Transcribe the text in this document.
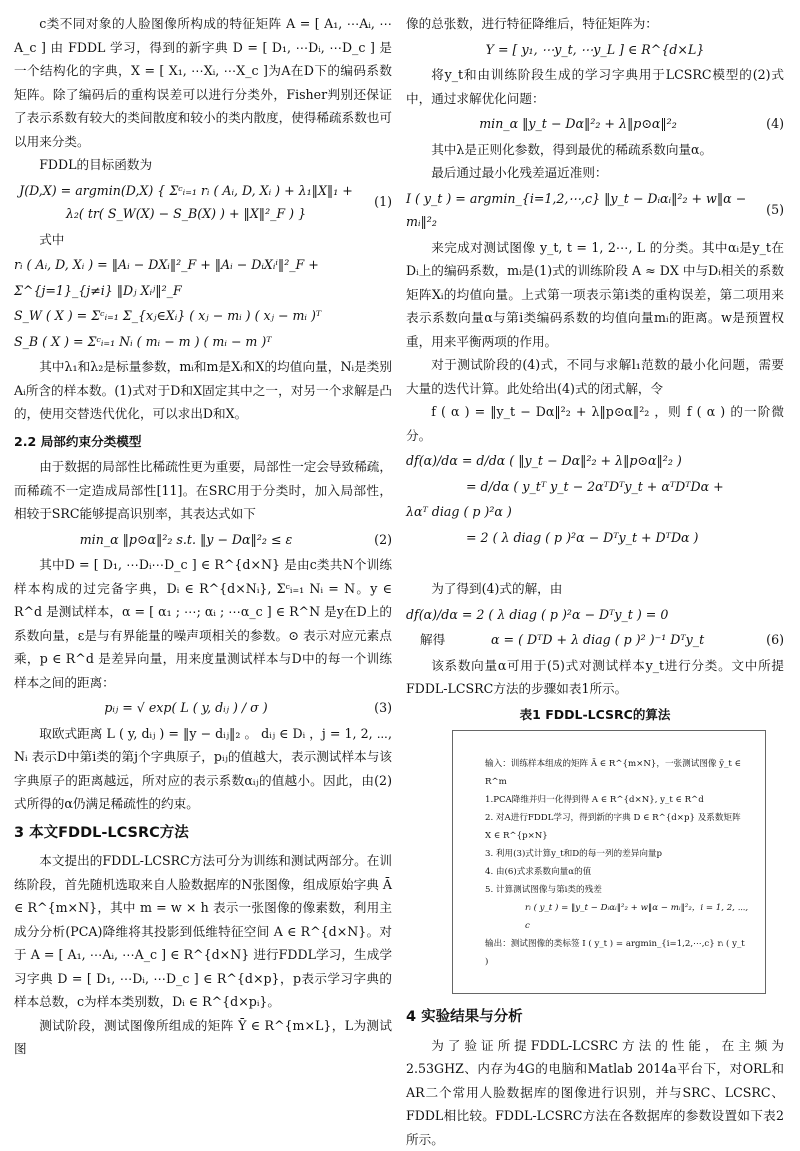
c类不同对象的人脸图像所构成的特征矩阵 A = [ A₁, ⋯Aᵢ, ⋯A_c ] 由 FDDL 学习，得到的新字典 D = [ D₁, ⋯Dᵢ, ⋯D_c ] 是一个结构化的字典，X = [ X₁, ⋯Xᵢ, ⋯X_c ]为A在D下的编码系数矩阵。除了编码后的重构误差可以进行分类外，Fisher判别还保证了表示系数有较大的类间散度和较小的类内散度，使得稀疏系数也可以用来分类。

FDDL的目标函数为

J(D,X) = argmin(D,X) { Σᶜᵢ₌₁ rᵢ ( Aᵢ, D, Xᵢ ) + λ₁‖X‖₁ + λ₂( tr( S_W(X) − S_B(X) ) + ‖X‖²_F ) }
(1)

式中

rᵢ ( Aᵢ, D, Xᵢ ) = ‖Aᵢ − DXᵢ‖²_F + ‖Aᵢ − DᵢXᵢⁱ‖²_F +
Σ^{j=1}_{j≠i} ‖Dⱼ Xᵢʲ‖²_F
S_W ( X ) = Σᶜᵢ₌₁ Σ_{xⱼ∈Xᵢ} ( xⱼ − mᵢ ) ( xⱼ − mᵢ )ᵀ
S_B ( X ) = Σᶜᵢ₌₁ Nᵢ ( mᵢ − m ) ( mᵢ − m )ᵀ

其中λ₁和λ₂是标量参数，mᵢ和m是Xᵢ和X的均值向量，Nᵢ是类别Aᵢ所含的样本数。(1)式对于D和X固定其中之一，对另一个求解是凸的，使用交替迭代优化，可以求出D和X。

2.2 局部约束分类模型

由于数据的局部性比稀疏性更为重要，局部性一定会导致稀疏，而稀疏不一定造成局部性[11]。在SRC用于分类时，加入局部性，相较于SRC能够提高识别率，其表达式如下

min_α ‖p⊙α‖²₂ s.t. ‖y − Dα‖²₂ ≤ ε	(2)

其中D = [ D₁, ⋯Dᵢ⋯D_c ] ∈ R^{d×N} 是由c类共N个训练样本构成的过完备字典，Dᵢ ∈ R^{d×Nᵢ}, Σᶜᵢ₌₁ Nᵢ = N。y ∈ R^d 是测试样本，α = [ α₁ ; ⋯; αᵢ ; ⋯α_c ] ∈ R^N 是y在D上的系数向量，ε是与有界能量的噪声项相关的参数。⊙ 表示对应元素点乘，p ∈ R^d 是差异向量，用来度量测试样本与D中的每一个训练样本之间的距离：

pᵢⱼ = √ exp( L ( y, dᵢⱼ ) / σ )	(3)

取欧式距离 L ( y, dᵢⱼ ) = ‖y − dᵢⱼ‖₂ 。 dᵢⱼ ∈ Dᵢ ，j = 1, 2, ⋯, Nᵢ 表示D中第i类的第j个字典原子，pᵢⱼ的值越大，表示测试样本与该字典原子的距离越远，所对应的表示系数αᵢⱼ的值越小。因此，由(2)式所得的α仍满足稀疏性的约束。

3 本文FDDL-LCSRC方法

本文提出的FDDL-LCSRC方法可分为训练和测试两部分。在训练阶段，首先随机选取来自人脸数据库的N张图像，组成原始字典 Ā ∈ R^{m×N}，其中 m = w × h 表示一张图像的像素数，利用主成分分析(PCA)降维将其投影到低维特征空间 A ∈ R^{d×N}。对于 A = [ A₁, ⋯Aᵢ, ⋯A_c ] ∈ R^{d×N} 进行FDDL学习，生成学习字典 D = [ D₁, ⋯Dᵢ, ⋯D_c ] ∈ R^{d×p}，p表示学习字典的样本总数，c为样本类别数，Dᵢ ∈ R^{d×pᵢ}。

测试阶段，测试图像所组成的矩阵 Ȳ ∈ R^{m×L}，L为测试图

像的总张数，进行特征降维后，特征矩阵为：

Y = [ y₁, ⋯y_t, ⋯y_L ] ∈ R^{d×L}

将y_t和由训练阶段生成的学习字典用于LCSRC模型的(2)式中，通过求解优化问题：

min_α ‖y_t − Dα‖²₂ + λ‖p⊙α‖²₂	(4)

其中λ是正则化参数，得到最优的稀疏系数向量α。

最后通过最小化残差逼近准则：

I ( y_t ) = argmin_{i=1,2,⋯,c} ‖y_t − Dᵢαᵢ‖²₂ + w‖α − mᵢ‖²₂
(5)

来完成对测试图像 y_t, t = 1, 2⋯, L 的分类。其中αᵢ是y_t在Dᵢ上的编码系数，mᵢ是(1)式的训练阶段 A ≈ DX 中与Dᵢ相关的系数矩阵Xᵢ的均值向量。上式第一项表示第i类的重构误差，第二项用来表示系数向量α与第i类编码系数的均值向量mᵢ的距离。w是预置权重，用来平衡两项的作用。

对于测试阶段的(4)式，不同与求解l₁范数的最小化问题，需要大量的迭代计算。此处给出(4)式的闭式解，令

f ( α ) = ‖y_t − Dα‖²₂ + λ‖p⊙α‖²₂ ，则 f ( α ) 的一阶微分。

df(α)/dα = d/dα ( ‖y_t − Dα‖²₂ + λ‖p⊙α‖²₂ )
= d/dα ( y_tᵀ y_t − 2αᵀDᵀy_t + αᵀDᵀDα +
λαᵀ diag ( p )²α )
= 2 ( λ diag ( p )²α − Dᵀy_t + DᵀDα )

为了得到(4)式的解，由

df(α)/dα = 2 ( λ diag ( p )²α − Dᵀy_t ) = 0
解得	α = ( DᵀD + λ diag ( p )² )⁻¹ Dᵀy_t	(6)

该系数向量α可用于(5)式对测试样本y_t进行分类。文中所提FDDL-LCSRC方法的步骤如表1所示。

表1 FDDL-LCSRC的算法
输入：训练样本组成的矩阵 Ā ∈ R^{m×N}，一张测试图像 ȳ_t ∈ R^m
1.PCA降维并归一化得到得 A ∈ R^{d×N}, y_t ∈ R^d
2. 对A进行FDDL学习，得到新的字典 D ∈ R^{d×p} 及系数矩阵 X ∈ R^{p×N}
3. 利用(3)式计算y_t和D的每一列的差异向量p
4. 由(6)式求系数向量α的值
5. 计算测试图像与第i类的残差
rᵢ ( y_t ) = ‖y_t − Dᵢαᵢ‖²₂ + w‖α − mᵢ‖²₂，i = 1, 2, ⋯, c
输出：测试图像的类标签 I ( y_t ) = argmin_{i=1,2,⋯,c} rᵢ ( y_t )
4 实验结果与分析

为了验证所提FDDL-LCSRC方法的性能，在主频为2.53GHZ、内存为4G的电脑和Matlab 2014a平台下，对ORL和AR二个常用人脸数据库的图像进行识别，并与SRC、LCSRC、FDDL相比较。FDDL-LCSRC方法在各数据库的参数设置如下表2所示。
